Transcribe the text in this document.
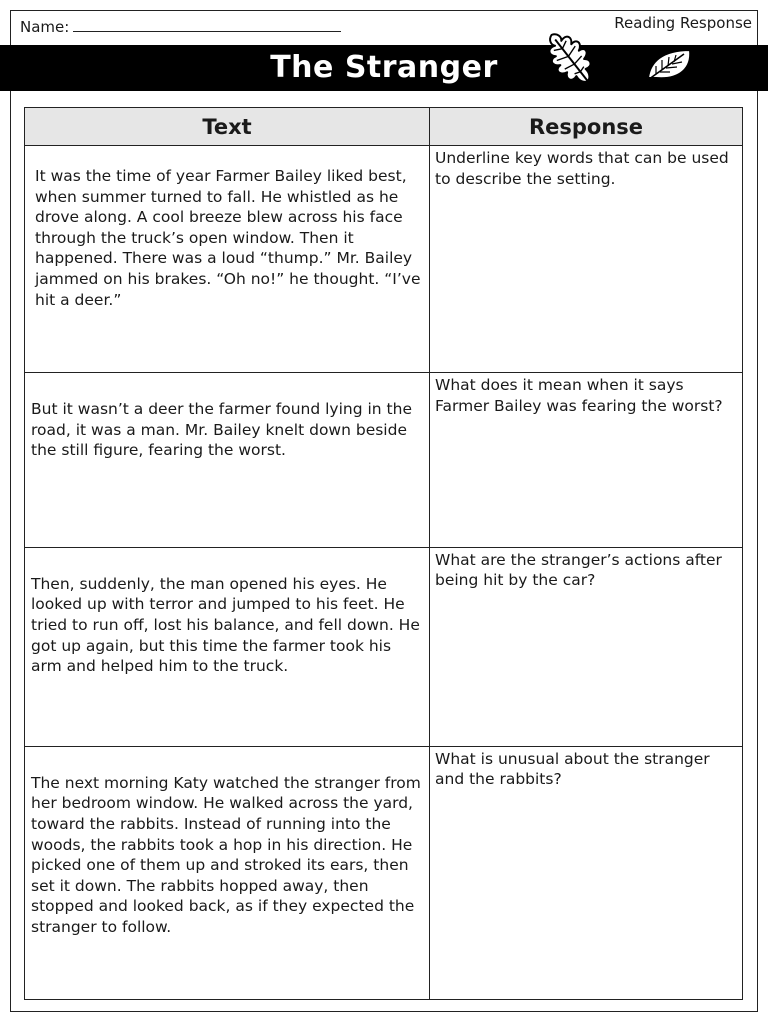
Name:	Reading Response
The Stranger
Text	Response
It was the time of year Farmer Bailey liked best, when summer turned to fall. He whistled as he drove along. A cool breeze blew across his face through the truck’s open window. Then it happened. There was a loud “thump.” Mr. Bailey jammed on his brakes. “Oh no!” he thought. “I’ve hit a deer.”	Underline key words that can be used to describe the setting.
But it wasn’t a deer the farmer found lying in the road, it was a man. Mr. Bailey knelt down beside the still figure, fearing the worst.	What does it mean when it says Farmer Bailey was fearing the worst?
Then, suddenly, the man opened his eyes. He looked up with terror and jumped to his feet. He tried to run off, lost his balance, and fell down. He got up again, but this time the farmer took his arm and helped him to the truck.	What are the stranger’s actions after being hit by the car?
The next morning Katy watched the stranger from her bedroom window. He walked across the yard, toward the rabbits. Instead of running into the woods, the rabbits took a hop in his direction. He picked one of them up and stroked its ears, then set it down. The rabbits hopped away, then stopped and looked back, as if they expected the stranger to follow.	What is unusual about the stranger and the rabbits?
